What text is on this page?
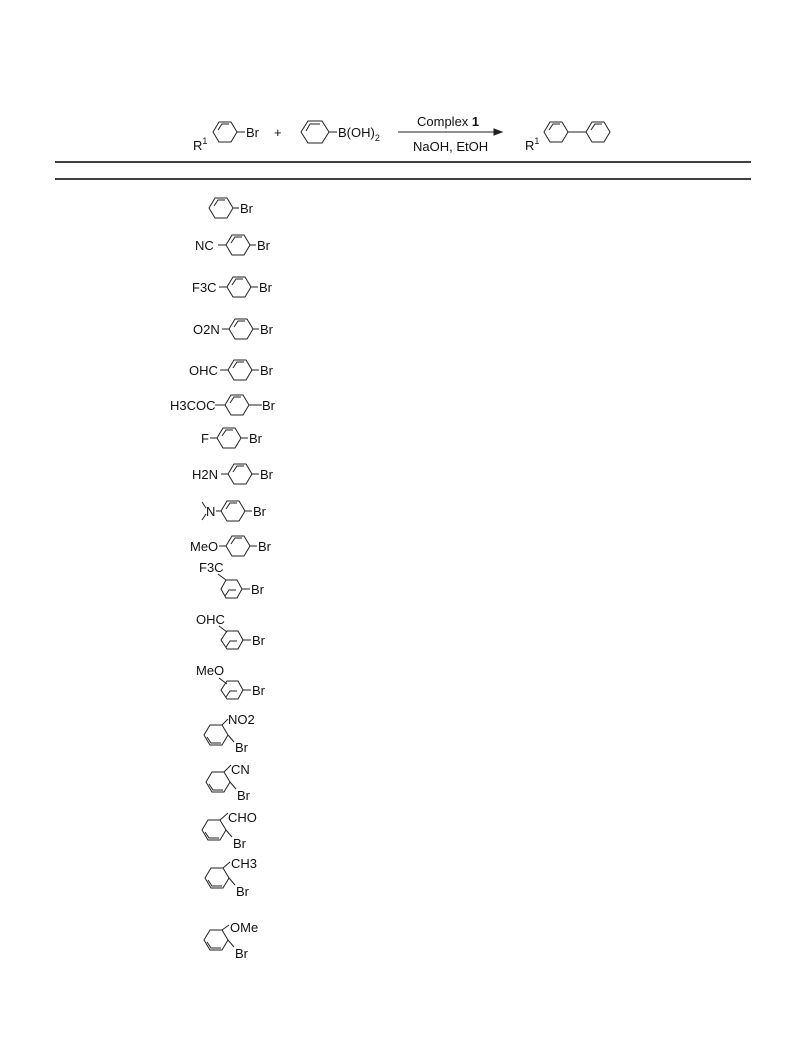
$R^1$
Br +	$B(OH)_2$
Complex 1
NaOH, EtOH	$R^1$
Br
NC	Br
F3C	Br
O2N	Br
OHC	Br
H3COC	Br
F	Br
H2N	Br
N	Br
MeO	Br
F3C
Br
OHC
Br
MeO
Br
NO2
Br
CN
Br
CHO
Br
CH3
Br
OMe
Br
